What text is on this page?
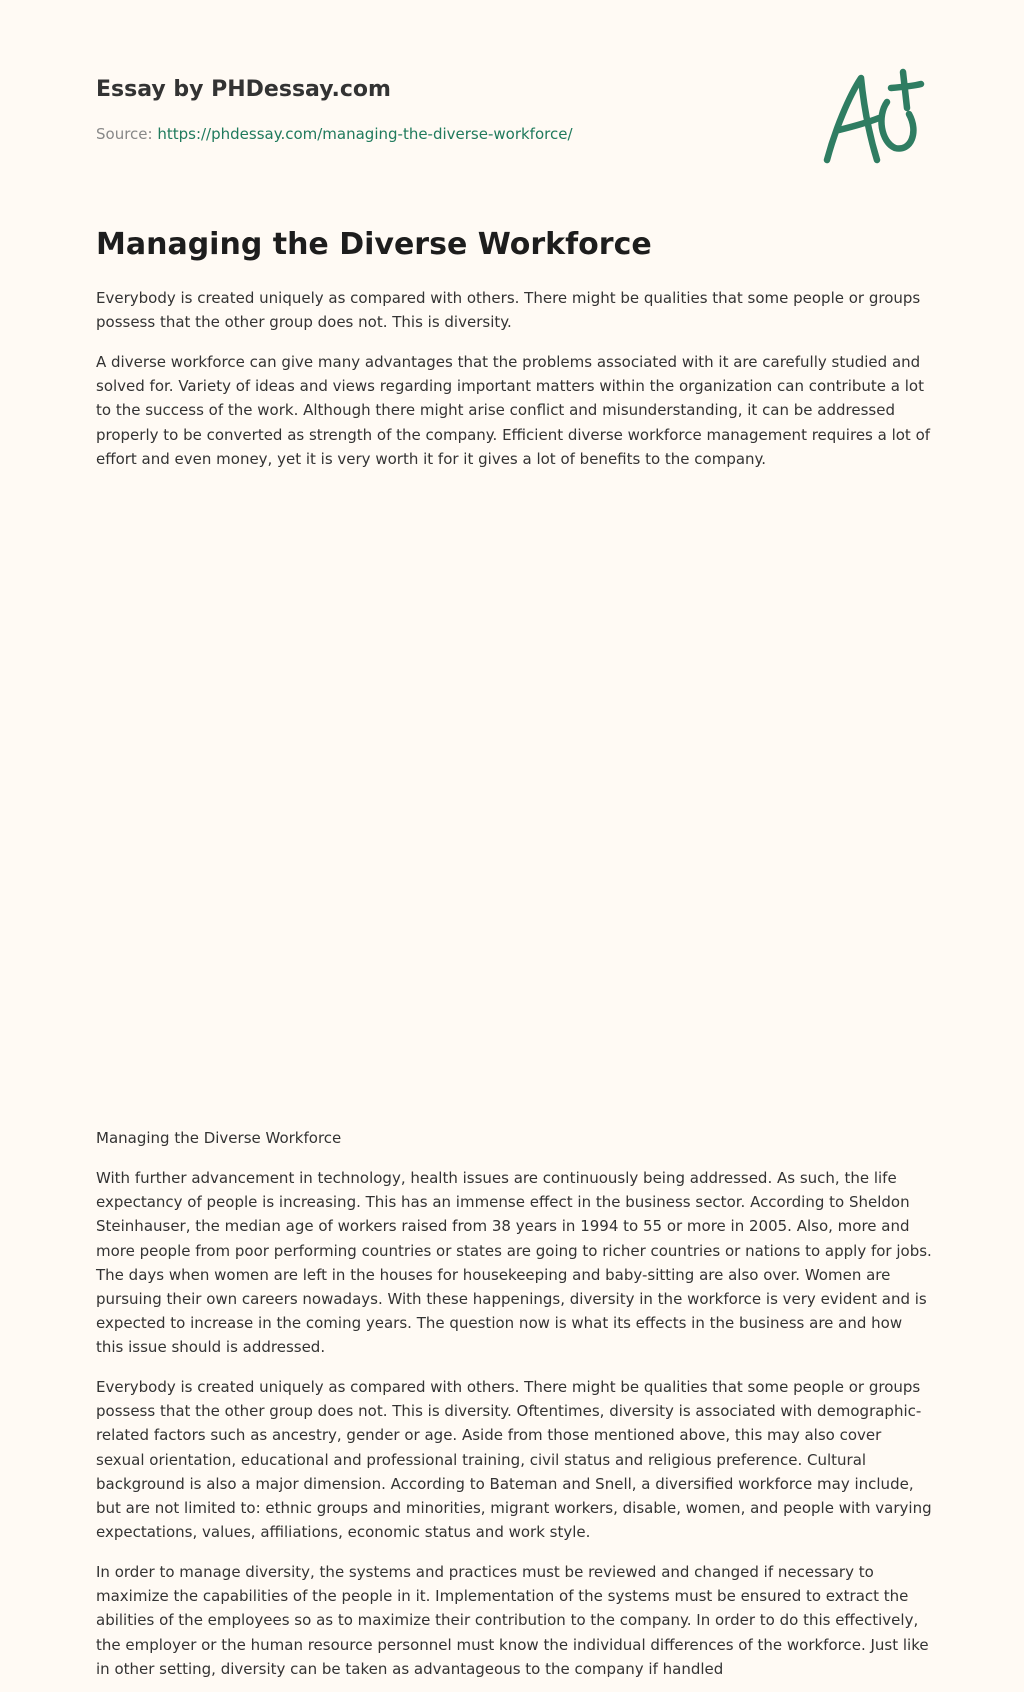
Essay by PHDessay.com
Source: https://phdessay.com/managing-the-diverse-workforce/
Managing the Diverse Workforce

Everybody is created uniquely as compared with others. There might be qualities that some people or groups possess that the other group does not. This is diversity.

A diverse workforce can give many advantages that the problems associated with it are carefully studied and solved for. Variety of ideas and views regarding important matters within the organization can contribute a lot to the success of the work. Although there might arise conflict and misunderstanding, it can be addressed properly to be converted as strength of the company. Efficient diverse workforce management requires a lot of effort and even money, yet it is very worth it for it gives a lot of benefits to the company.

Managing the Diverse Workforce

With further advancement in technology, health issues are continuously being addressed. As such, the life expectancy of people is increasing. This has an immense effect in the business sector. According to Sheldon Steinhauser, the median age of workers raised from 38 years in 1994 to 55 or more in 2005. Also, more and more people from poor performing countries or states are going to richer countries or nations to apply for jobs. The days when women are left in the houses for housekeeping and baby-sitting are also over. Women are pursuing their own careers nowadays. With these happenings, diversity in the workforce is very evident and is expected to increase in the coming years. The question now is what its effects in the business are and how this issue should is addressed.

Everybody is created uniquely as compared with others. There might be qualities that some people or groups possess that the other group does not. This is diversity. Oftentimes, diversity is associated with demographic-related factors such as ancestry, gender or age. Aside from those mentioned above, this may also cover sexual orientation, educational and professional training, civil status and religious preference. Cultural background is also a major dimension. According to Bateman and Snell, a diversified workforce may include, but are not limited to: ethnic groups and minorities, migrant workers, disable, women, and people with varying expectations, values, affiliations, economic status and work style.

In order to manage diversity, the systems and practices must be reviewed and changed if necessary to maximize the capabilities of the people in it. Implementation of the systems must be ensured to extract the abilities of the employees so as to maximize their contribution to the company. In order to do this effectively, the employer or the human resource personnel must know the individual differences of the workforce. Just like in other setting, diversity can be taken as advantageous to the company if handled
